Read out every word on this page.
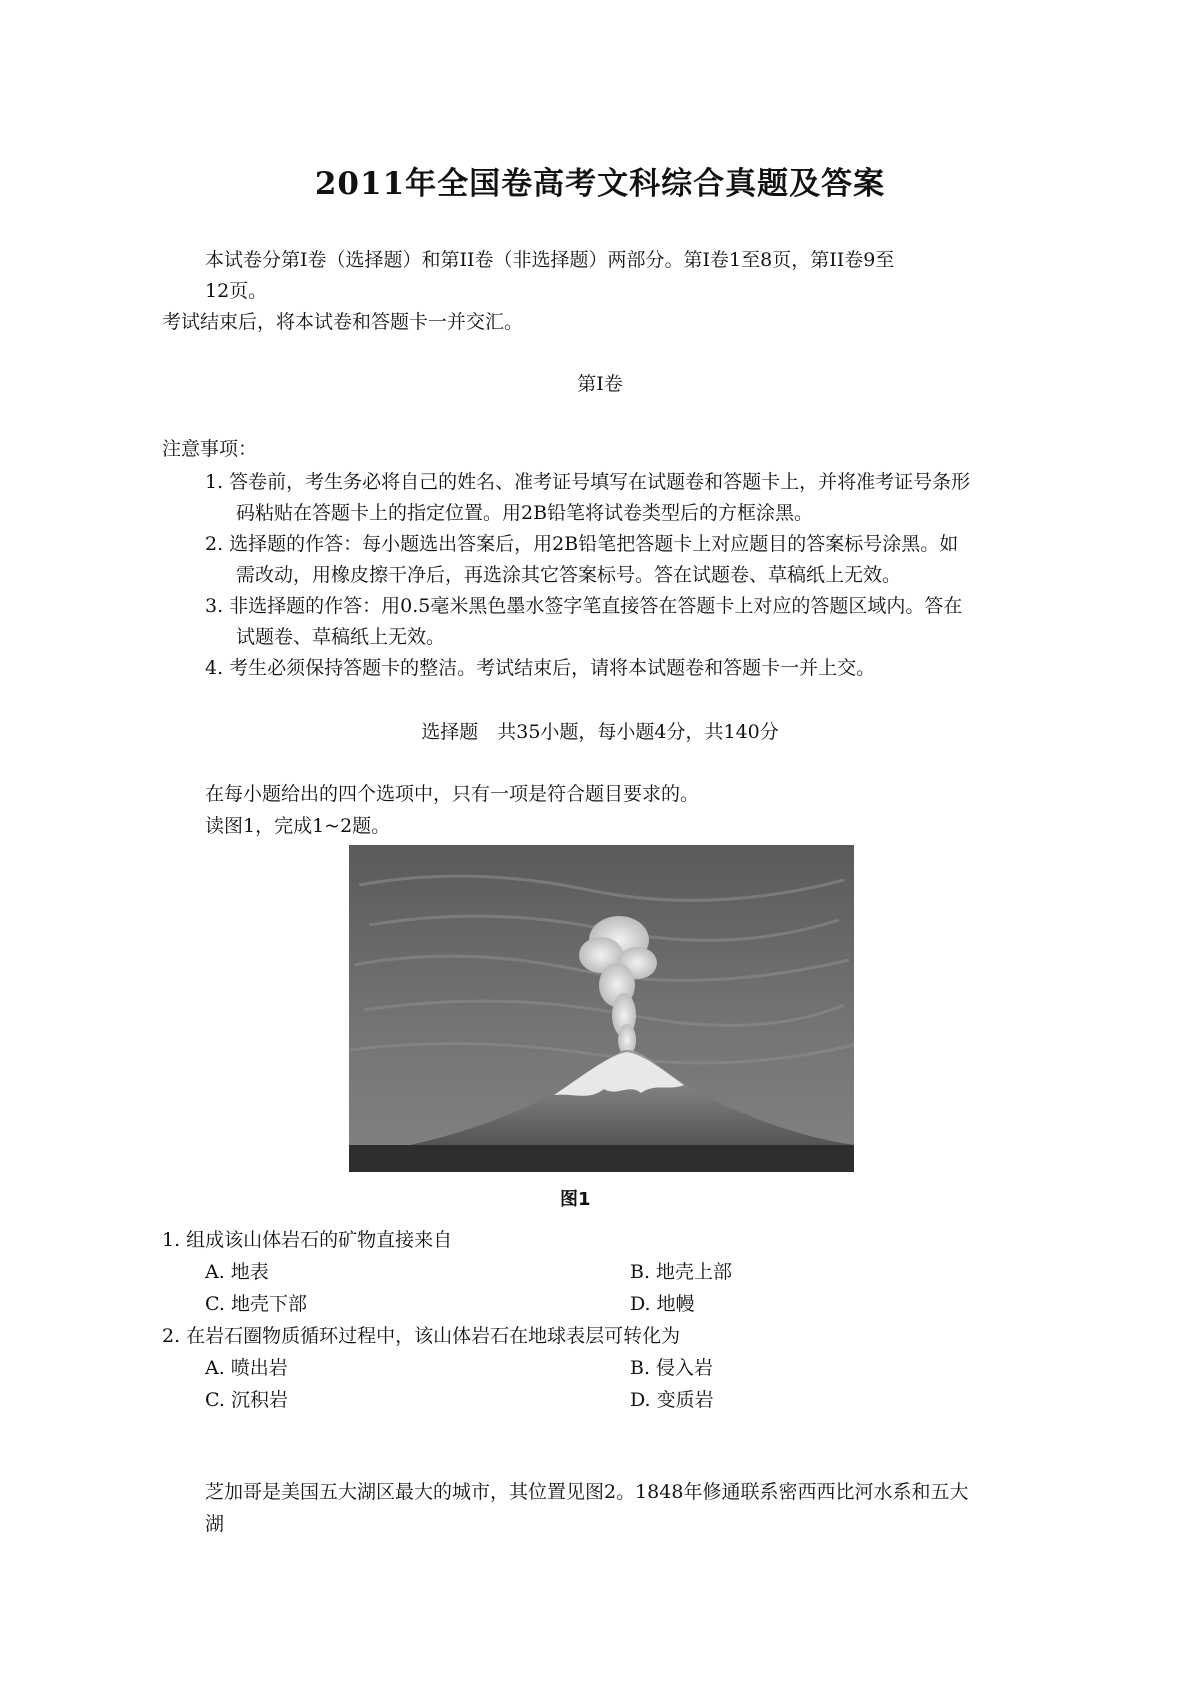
2011年全国卷高考文科综合真题及答案
本试卷分第I卷（选择题）和第II卷（非选择题）两部分。第I卷1至8页，第II卷9至
12页。
考试结束后，将本试卷和答题卡一并交汇。
第I卷
注意事项：
1. 答卷前，考生务必将自己的姓名、准考证号填写在试题卷和答题卡上，并将准考证号条形
码粘贴在答题卡上的指定位置。用2B铅笔将试卷类型后的方框涂黑。
2. 选择题的作答：每小题选出答案后，用2B铅笔把答题卡上对应题目的答案标号涂黑。如
需改动，用橡皮擦干净后，再选涂其它答案标号。答在试题卷、草稿纸上无效。
3. 非选择题的作答：用0.5毫米黑色墨水签字笔直接答在答题卡上对应的答题区域内。答在
试题卷、草稿纸上无效。
4. 考生必须保持答题卡的整洁。考试结束后，请将本试题卷和答题卡一并上交。
选择题　共35小题，每小题4分，共140分
在每小题给出的四个选项中，只有一项是符合题目要求的。
读图1，完成1~2题。
图1
1. 组成该山体岩石的矿物直接来自
A. 地表	B. 地壳上部
C. 地壳下部	D. 地幔
2. 在岩石圈物质循环过程中，该山体岩石在地球表层可转化为
A. 喷出岩	B. 侵入岩
C. 沉积岩	D. 变质岩
芝加哥是美国五大湖区最大的城市，其位置见图2。1848年修通联系密西西比河水系和五大
湖
